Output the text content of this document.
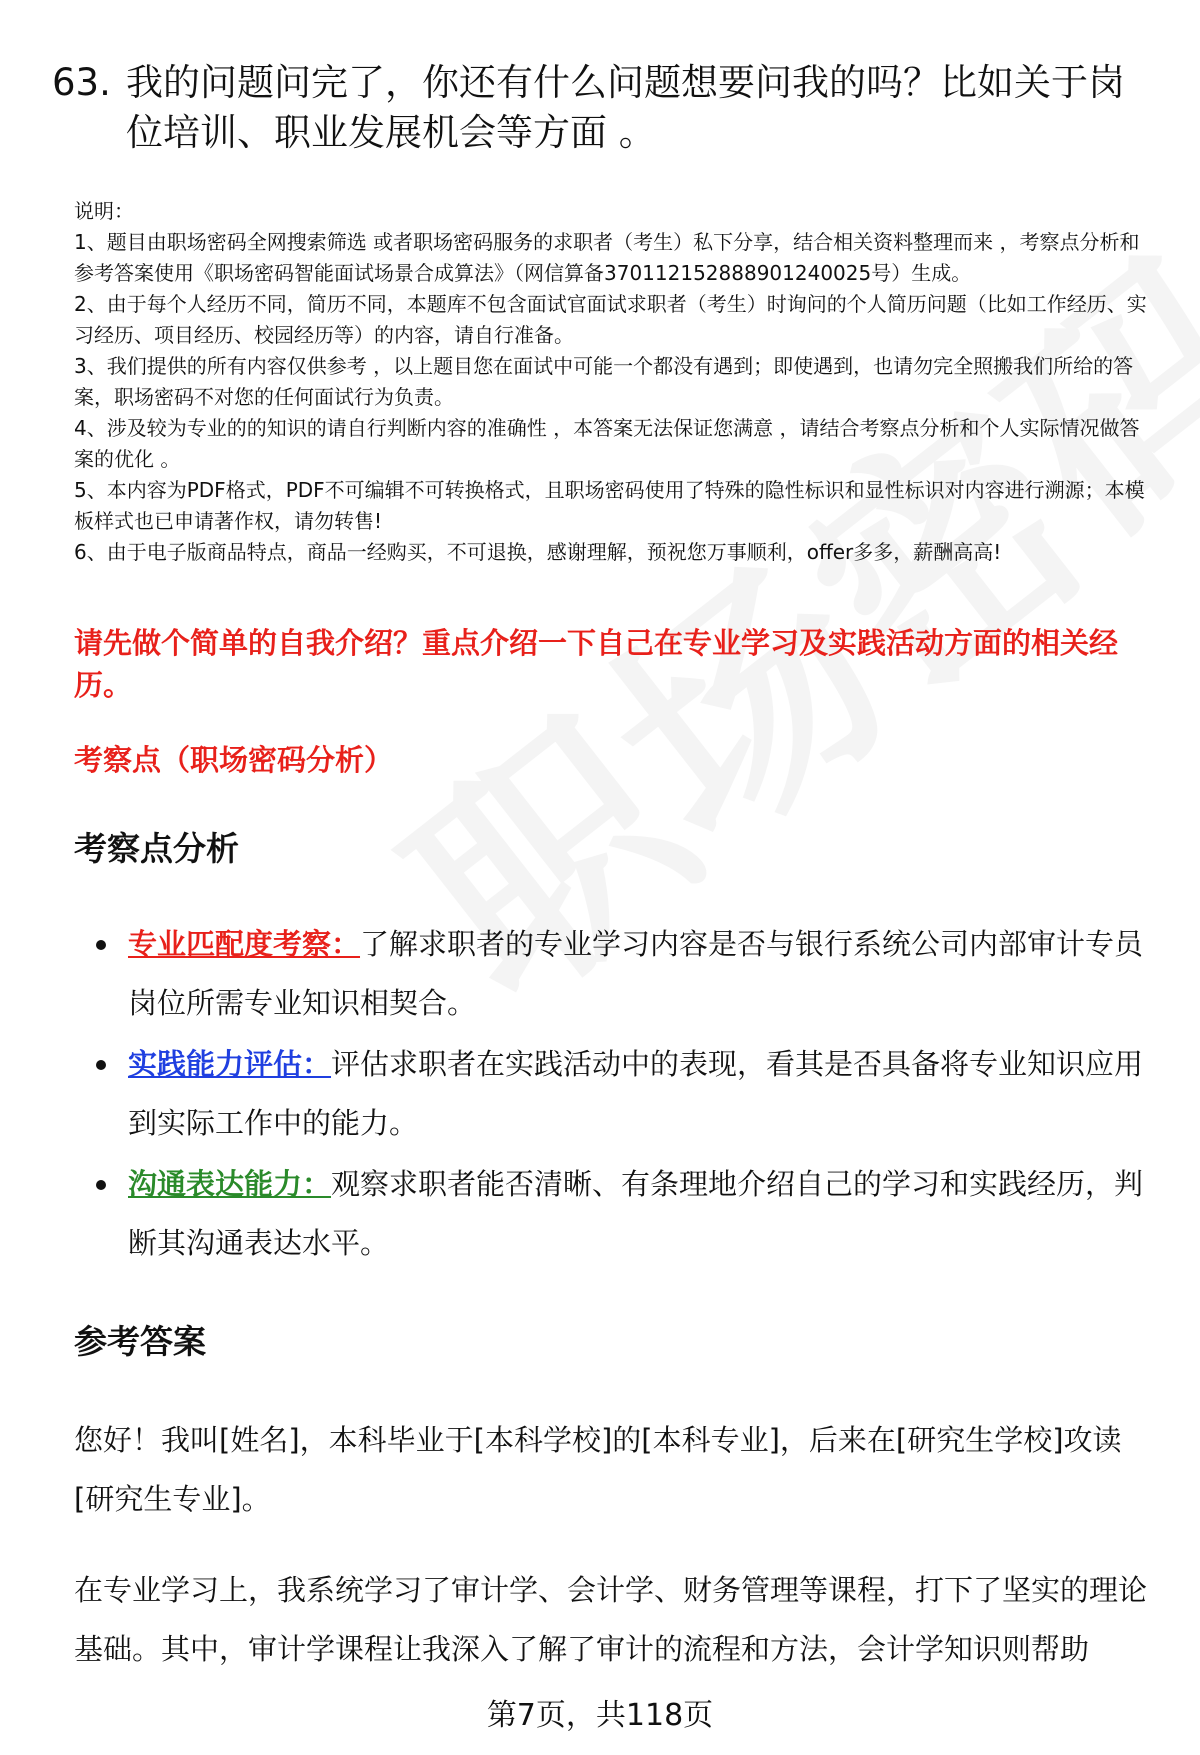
63. 我的问题问完了，你还有什么问题想要问我的吗？比如关于岗位培训、职业发展机会等方面 。

说明：

1、题目由职场密码全网搜索筛选 或者职场密码服务的求职者（考生）私下分享，结合相关资料整理而来 ，考察点分析和参考答案使用《职场密码智能面试场景合成算法》（网信算备370112152888901240025号）生成。

2、由于每个人经历不同，简历不同，本题库不包含面试官面试求职者（考生）时询问的个人简历问题（比如工作经历、实习经历、项目经历、校园经历等）的内容，请自行准备。

3、我们提供的所有内容仅供参考 ，以上题目您在面试中可能一个都没有遇到；即使遇到，也请勿完全照搬我们所给的答案，职场密码不对您的任何面试行为负责。

4、涉及较为专业的的知识的请自行判断内容的准确性 ，本答案无法保证您满意 ，请结合考察点分析和个人实际情况做答案的优化 。

5、本内容为PDF格式，PDF不可编辑不可转换格式，且职场密码使用了特殊的隐性标识和显性标识对内容进行溯源；本模板样式也已申请著作权，请勿转售!

6、由于电子版商品特点，商品一经购买，不可退换，感谢理解，预祝您万事顺利，offer多多，薪酬高高!

请先做个简单的自我介绍？重点介绍一下自己在专业学习及实践活动方面的相关经历。
考察点（职场密码分析）
考察点分析
专业匹配度考察：了解求职者的专业学习内容是否与银行系统公司内部审计专员岗位所需专业知识相契合。
实践能力评估：评估求职者在实践活动中的表现，看其是否具备将专业知识应用到实际工作中的能力。
沟通表达能力：观察求职者能否清晰、有条理地介绍自己的学习和实践经历，判断其沟通表达水平。
参考答案

您好！我叫[姓名]，本科毕业于[本科学校]的[本科专业]，后来在[研究生学校]攻读[研究生专业]。

在专业学习上，我系统学习了审计学、会计学、财务管理等课程，打下了坚实的理论基础。其中，审计学课程让我深入了解了审计的流程和方法，会计学知识则帮助

第7页，共118页
